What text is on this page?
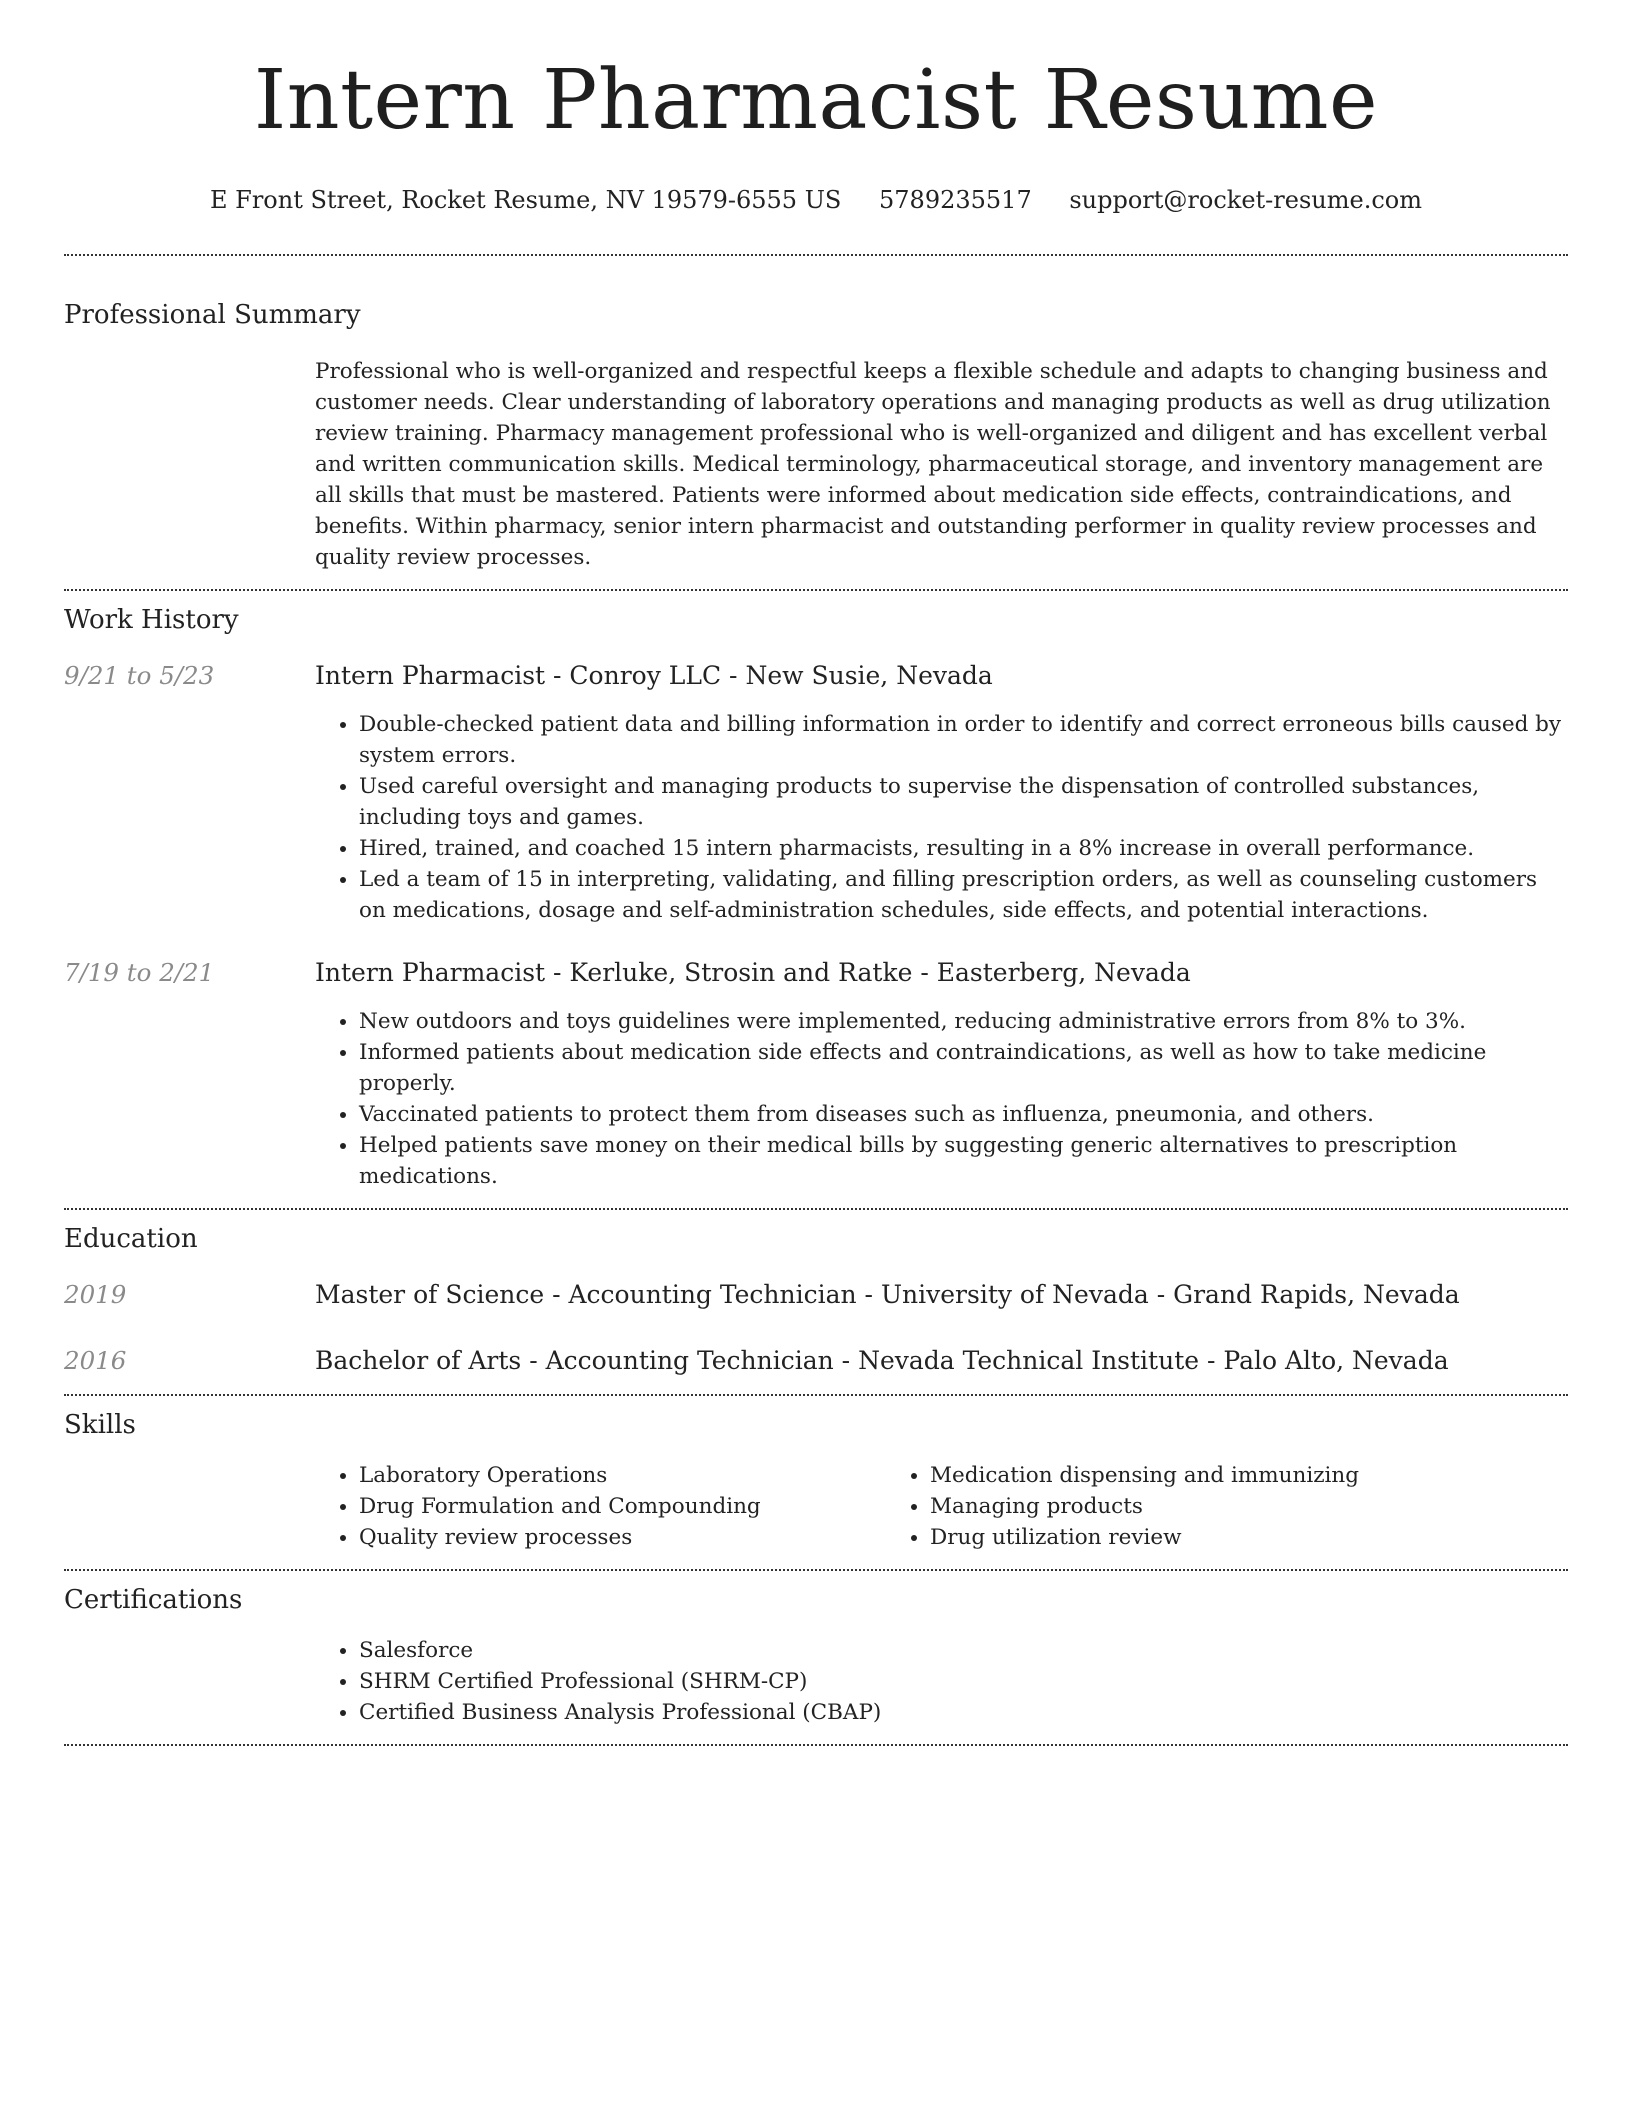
Intern Pharmacist Resume
E Front Street, Rocket Resume, NV 19579-6555 US 5789235517 support@rocket-resume.com
Professional Summary
Professional who is well-organized and respectful keeps a flexible schedule and adapts to changing business and customer needs. Clear understanding of laboratory operations and managing products as well as drug utilization review training. Pharmacy management professional who is well-organized and diligent and has excellent verbal and written communication skills. Medical terminology, pharmaceutical storage, and inventory management are all skills that must be mastered. Patients were informed about medication side effects, contraindications, and benefits. Within pharmacy, senior intern pharmacist and outstanding performer in quality review processes and quality review processes.
Work History
9/21 to 5/23	Intern Pharmacist - Conroy LLC - New Susie, Nevada
• Double-checked patient data and billing information in order to identify and correct erroneous bills caused by system errors.
• Used careful oversight and managing products to supervise the dispensation of controlled substances, including toys and games.
• Hired, trained, and coached 15 intern pharmacists, resulting in a 8% increase in overall performance.
• Led a team of 15 in interpreting, validating, and filling prescription orders, as well as counseling customers on medications, dosage and self-administration schedules, side effects, and potential interactions.
7/19 to 2/21	Intern Pharmacist - Kerluke, Strosin and Ratke - Easterberg, Nevada
• New outdoors and toys guidelines were implemented, reducing administrative errors from 8% to 3%.
• Informed patients about medication side effects and contraindications, as well as how to take medicine properly.
• Vaccinated patients to protect them from diseases such as influenza, pneumonia, and others.
• Helped patients save money on their medical bills by suggesting generic alternatives to prescription medications.
Education
2019	Master of Science - Accounting Technician - University of Nevada - Grand Rapids, Nevada
2016	Bachelor of Arts - Accounting Technician - Nevada Technical Institute - Palo Alto, Nevada
Skills
• Laboratory Operations
• Drug Formulation and Compounding
• Quality review processes
• Medication dispensing and immunizing
• Managing products
• Drug utilization review
Certifications
• Salesforce
• SHRM Certified Professional (SHRM-CP)
• Certified Business Analysis Professional (CBAP)
